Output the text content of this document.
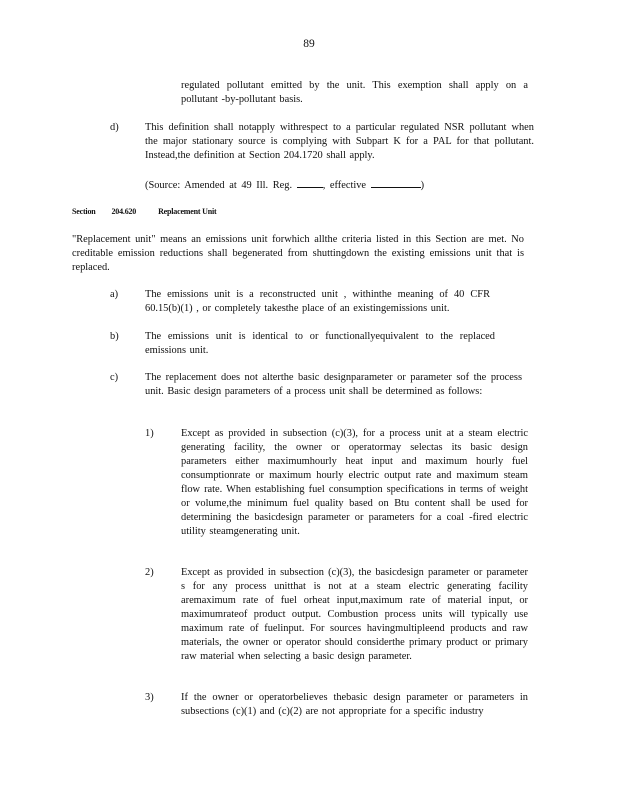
89
regulated pollutant emitted by the unit. This exemption shall apply on a pollutant -by-pollutant basis.
d)	This definition shall notapply withrespect to a particular regulated NSR pollutant when the major stationary source is complying with Subpart K for a PAL for that pollutant. Instead,the definition at Section 204.1720 shall apply.
(Source: Amended at 49 Ill. Reg.	, effective	)
Section 204.620	Replacement Unit
"Replacement unit" means an emissions unit forwhich allthe criteria listed in this Section are met. No creditable emission reductions shall begenerated from shuttingdown the existing emissions unit that is replaced.
a)	The emissions unit is a reconstructed unit , withinthe meaning of 40 CFR 60.15(b)(1) , or completely takesthe place of an existingemissions unit.
b)	The emissions unit is identical to or functionallyequivalent to the replaced emissions unit.
c)	The replacement does not alterthe basic designparameter or parameter sof the process unit. Basic design parameters of a process unit shall be determined as follows:
1)	Except as provided in subsection (c)(3), for a process unit at a steam electric generating facility, the owner or operatormay selectas its basic design parameters either maximumhourly heat input and maximum hourly fuel consumptionrate or maximum hourly electric output rate and maximum steam flow rate. When establishing fuel consumption specifications in terms of weight or volume,the minimum fuel quality based on Btu content shall be used for determining the basicdesign parameter or parameters for a coal -fired electric utility steamgenerating unit.
2)	Except as provided in subsection (c)(3), the basicdesign parameter or parameter s for any process unitthat is not at a steam electric generating facility aremaximum rate of fuel orheat input,maximum rate of material input, or maximumrateof product output. Combustion process units will typically use maximum rate of fuelinput. For sources havingmultipleend products and raw materials, the owner or operator should considerthe primary product or primary raw material when selecting a basic design parameter.
3)	If the owner or operatorbelieves thebasic design parameter or parameters in subsections (c)(1) and (c)(2) are not appropriate for a specific industry
